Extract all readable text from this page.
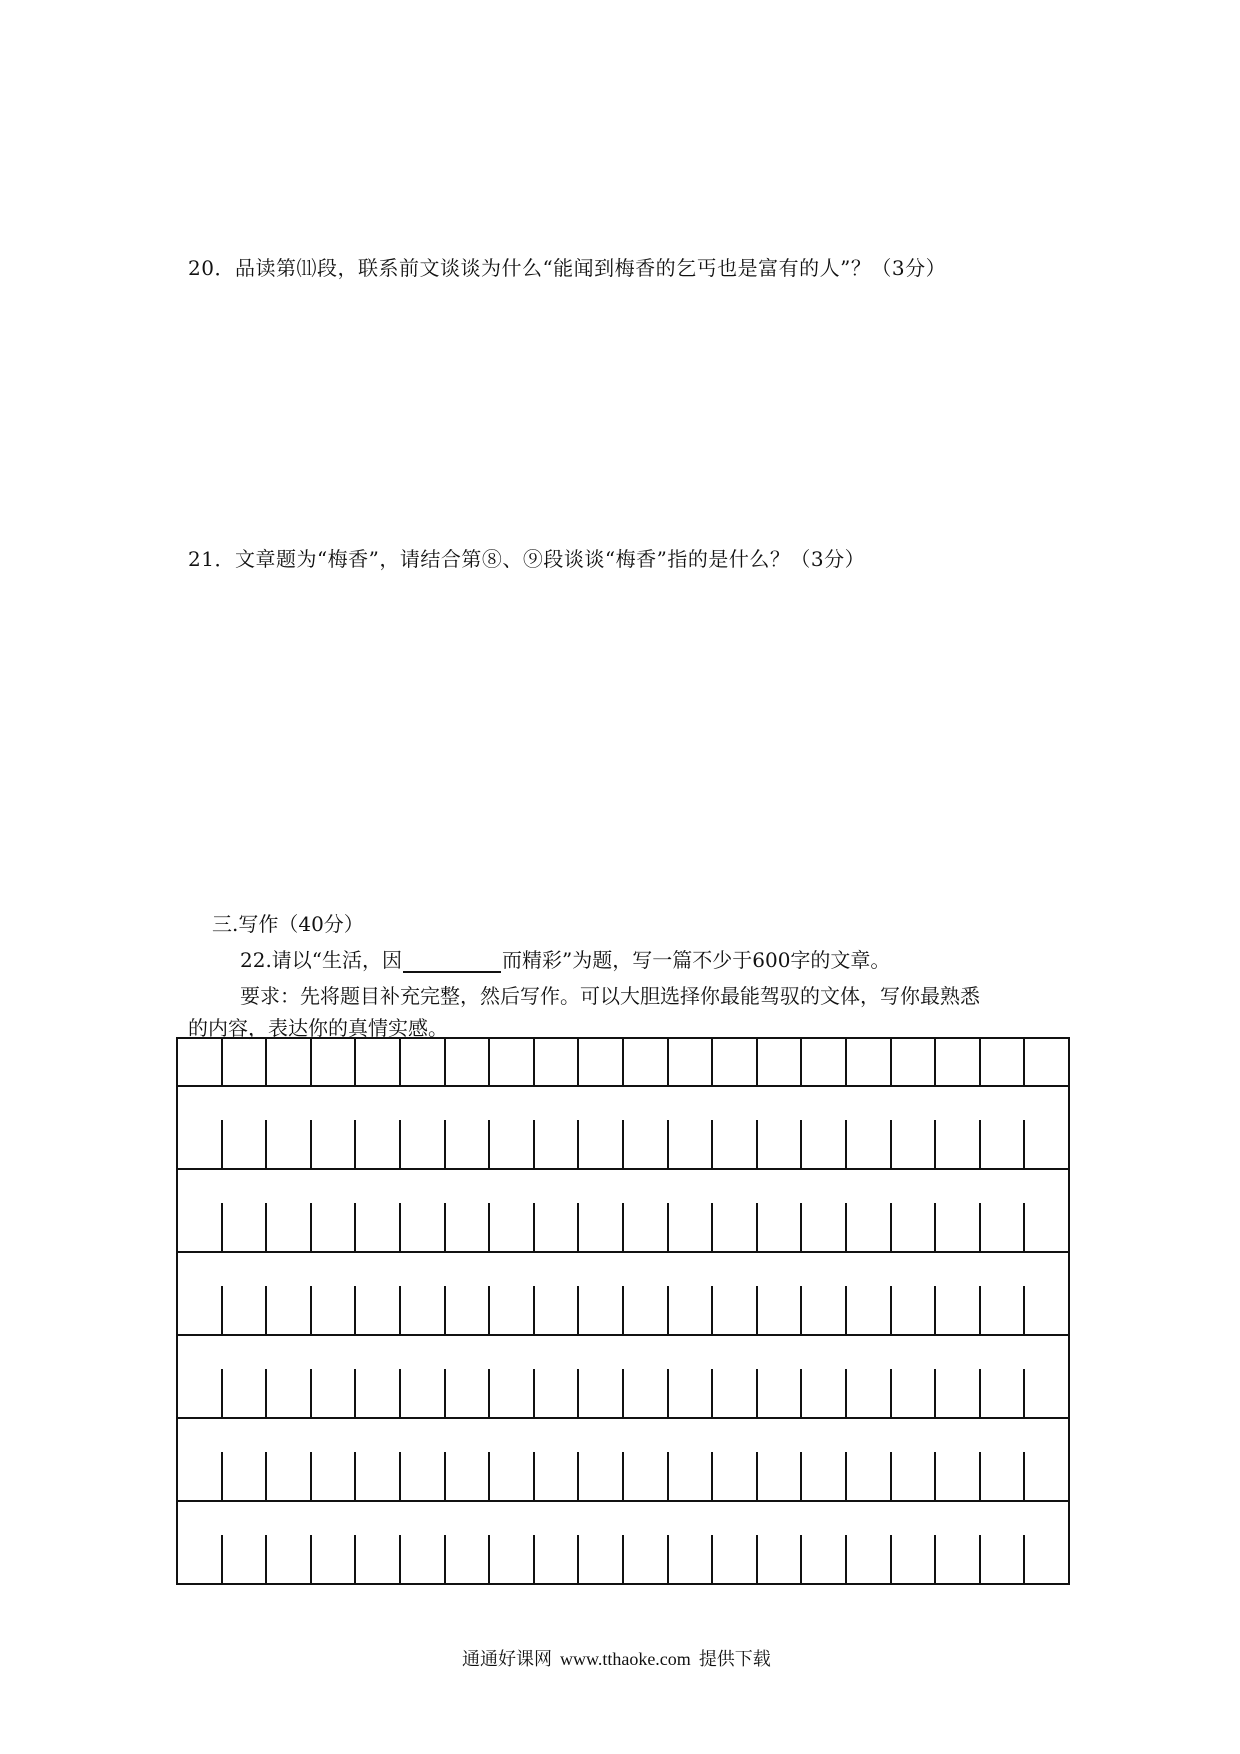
20．品读第⑾段，联系前文谈谈为什么“能闻到梅香的乞丐也是富有的人”？（3分）
21．文章题为“梅香”，请结合第⑧、⑨段谈谈“梅香”指的是什么？（3分）
三.写作（40分）
22.请以“生活，因	而精彩”为题，写一篇不少于600字的文章。
要求：先将题目补充完整，然后写作。可以大胆选择你最能驾驭的文体，写你最熟悉
的内容，表达你的真情实感。
通通好课网 www.tthaoke.com 提供下载
